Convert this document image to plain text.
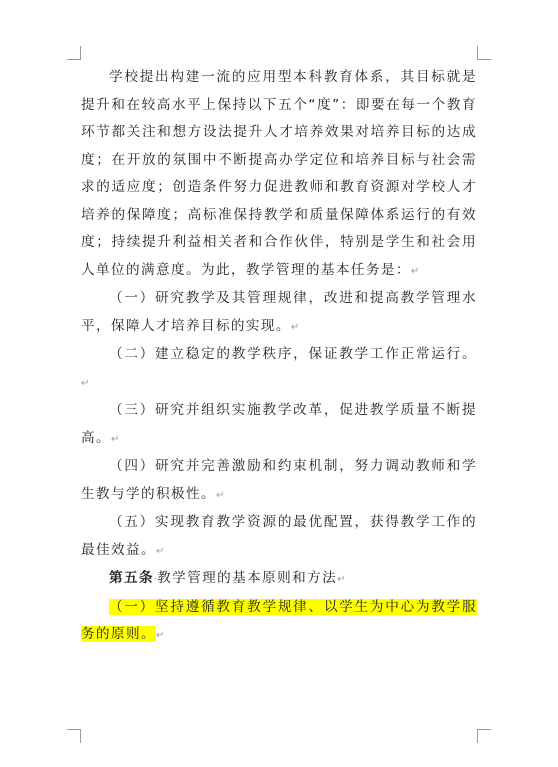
学校提出构建一流的应用型本科教育体系，其目标就是提升和在较高水平上保持以下五个“度”：即要在每一个教育环节都关注和想方设法提升人才培养效果对培养目标的达成度；在开放的氛围中不断提高办学定位和培养目标与社会需求的适应度；创造条件努力促进教师和教育资源对学校人才培养的保障度；高标准保持教学和质量保障体系运行的有效度；持续提升利益相关者和合作伙伴，特别是学生和社会用人单位的满意度。为此，教学管理的基本任务是：↵

（一）研究教学及其管理规律，改进和提高教学管理水平，保障人才培养目标的实现。↵

（二）建立稳定的教学秩序，保证教学工作正常运行。↵

（三）研究并组织实施教学改革，促进教学质量不断提高。↵

（四）研究并完善激励和约束机制，努力调动教师和学生教与学的积极性。↵

（五）实现教育教学资源的最优配置，获得教学工作的最佳效益。↵

第五条·教学管理的基本原则和方法↵

（一）坚持遵循教育教学规律、以学生为中心为教学服务的原则。↵
